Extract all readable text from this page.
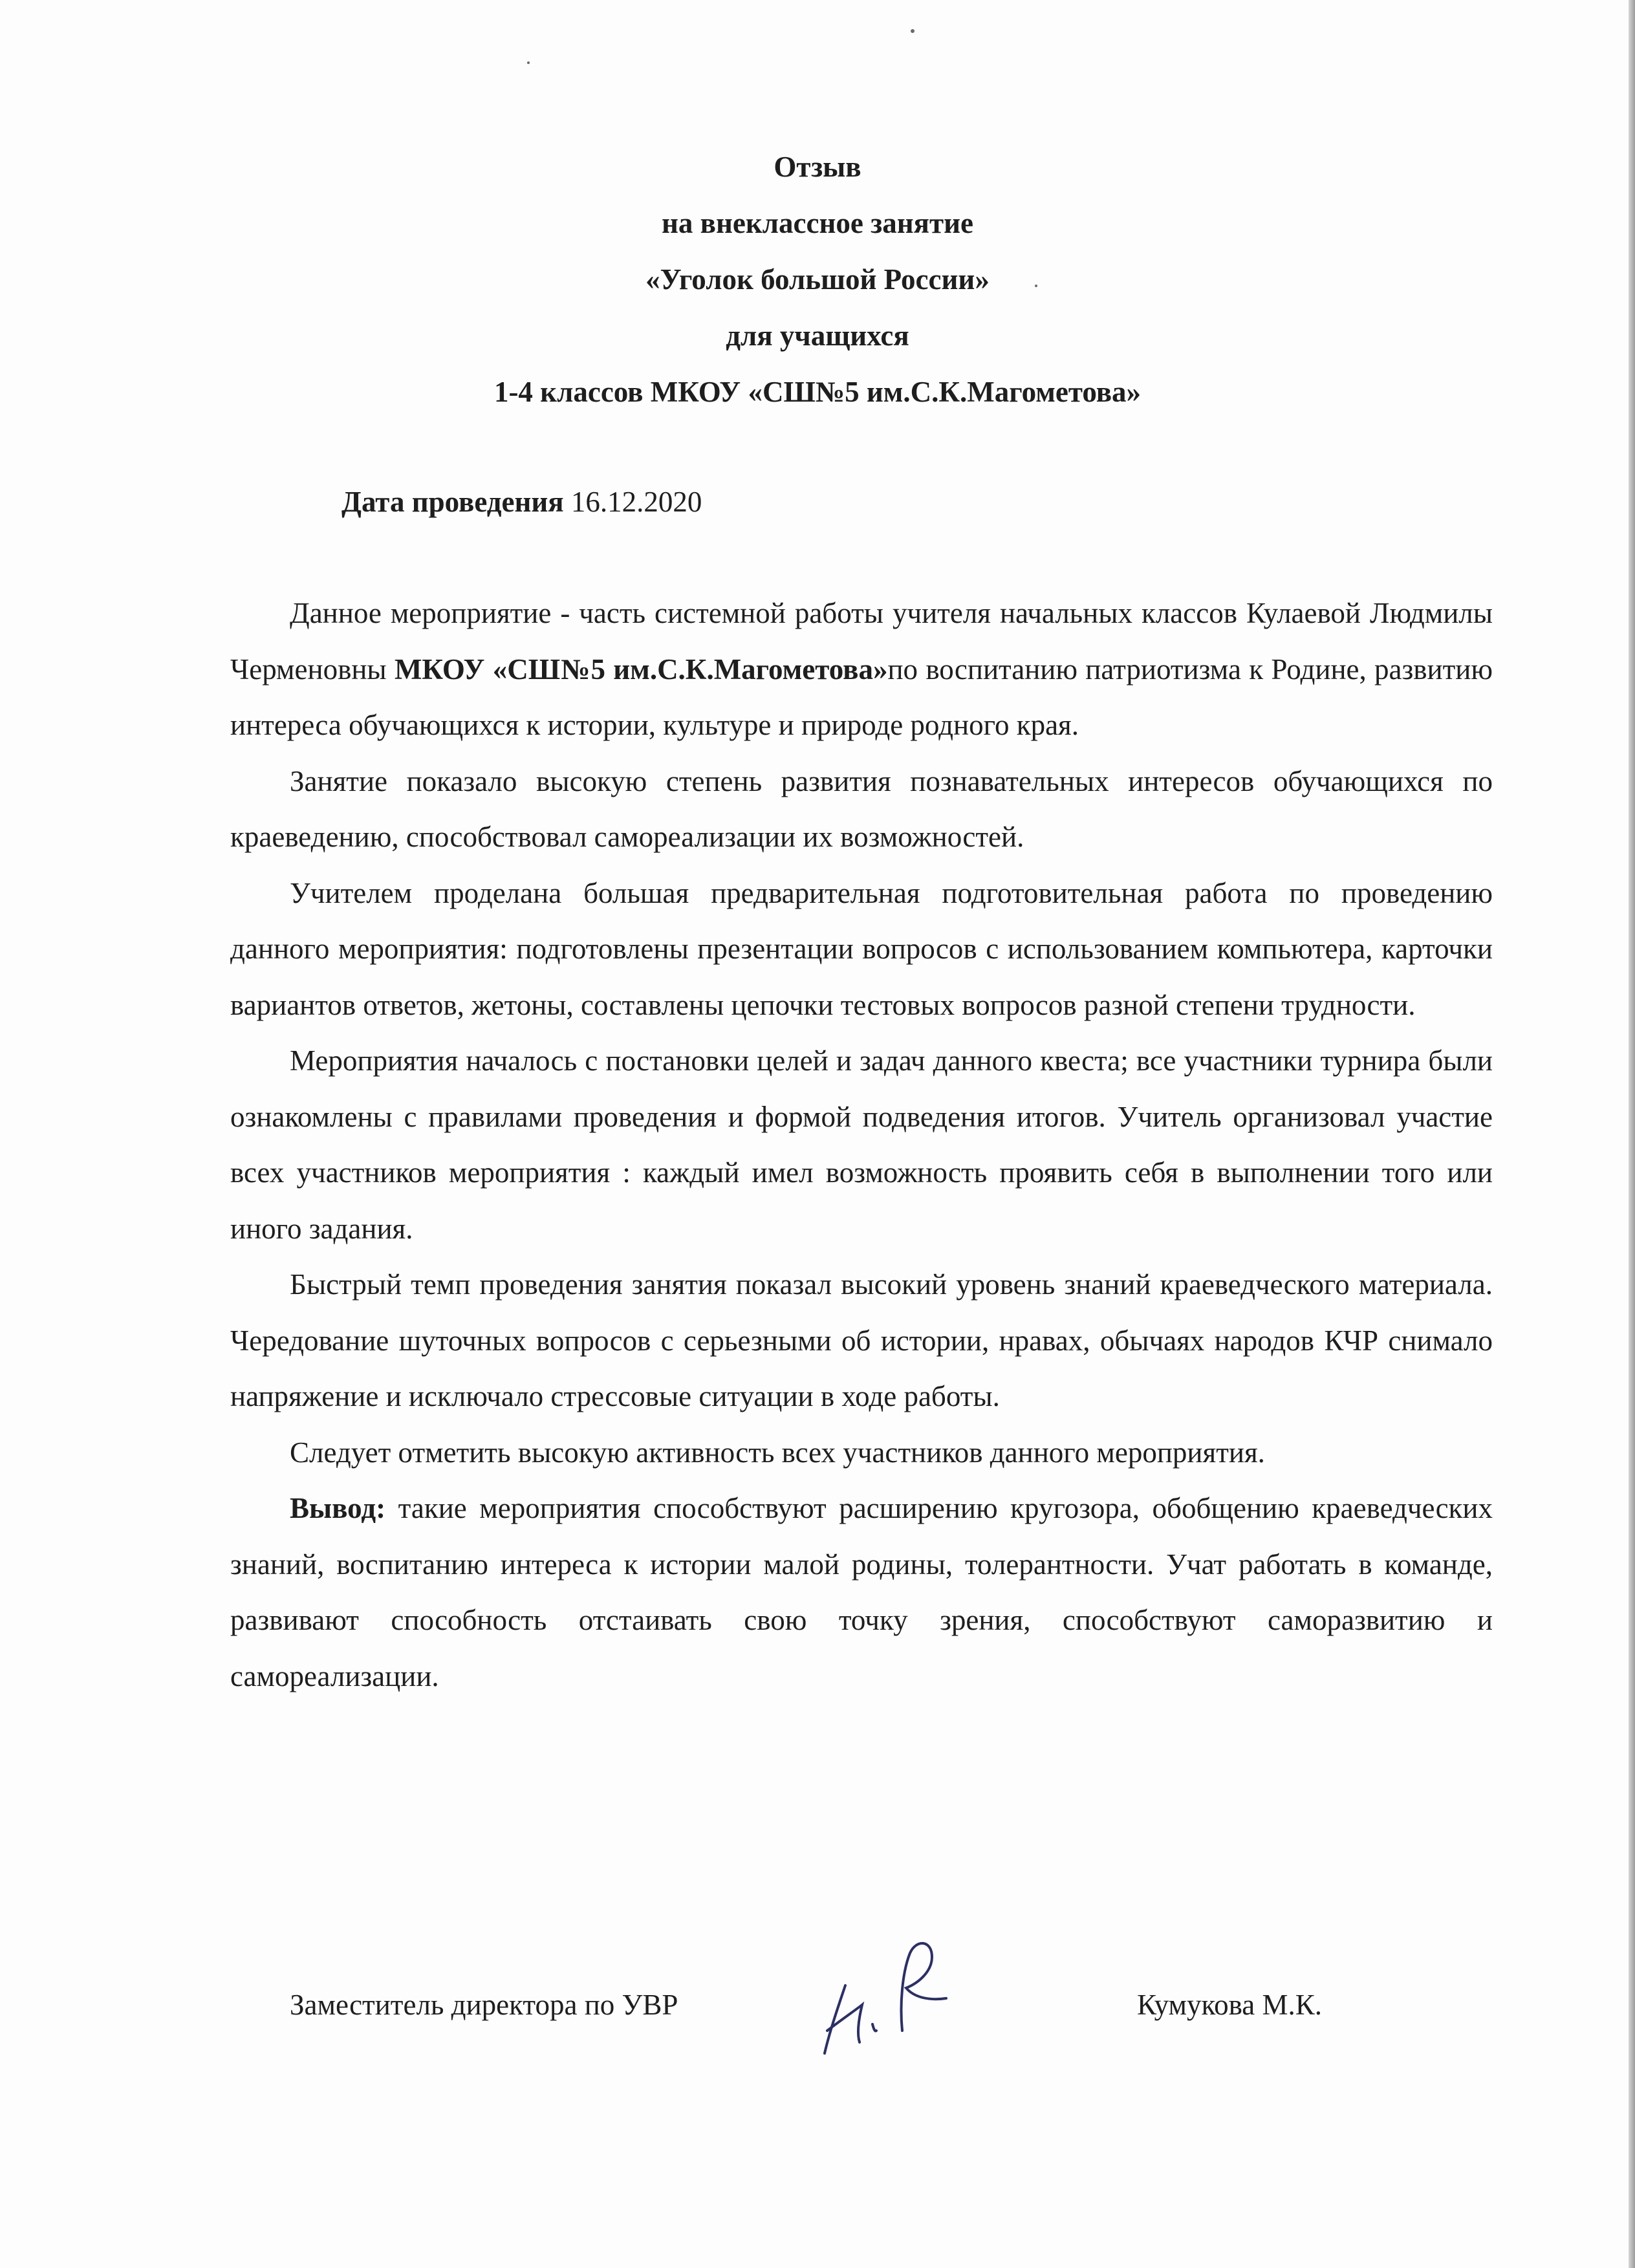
Отзыв
на внеклассное занятие
«Уголок большой России»
для учащихся
1-4 классов МКОУ «СШ№5 им.С.К.Магометова»
Дата проведения 16.12.2020

Данное мероприятие - часть системной работы учителя начальных классов Кулаевой Людмилы Черменовны МКОУ «СШ№5 им.С.К.Магометова»по воспитанию патриотизма к Родине, развитию интереса обучающихся к истории, культуре и природе родного края.

Занятие показало высокую степень развития познавательных интересов обучающихся по краеведению, способствовал самореализации их возможностей.

Учителем проделана большая предварительная подготовительная работа по проведению данного мероприятия: подготовлены презентации вопросов с использованием компьютера, карточки вариантов ответов, жетоны, составлены цепочки тестовых вопросов разной степени трудности.

Мероприятия началось с постановки целей и задач данного квеста; все участники турнира были ознакомлены с правилами проведения и формой подведения итогов. Учитель организовал участие всех участников мероприятия : каждый имел возможность проявить себя в выполнении того или иного задания.

Быстрый темп проведения занятия показал высокий уровень знаний краеведческого материала. Чередование шуточных вопросов с серьезными об истории, нравах, обычаях народов КЧР снимало напряжение и исключало стрессовые ситуации в ходе работы.

Следует отметить высокую активность всех участников данного мероприятия.

Вывод: такие мероприятия способствуют расширению кругозора, обобщению краеведческих знаний, воспитанию интереса к истории малой родины, толерантности. Учат работать в команде, развивают способность отстаивать свою точку зрения, способствуют саморазвитию и самореализации.

Заместитель директора по УВР	Кумукова М.К.
